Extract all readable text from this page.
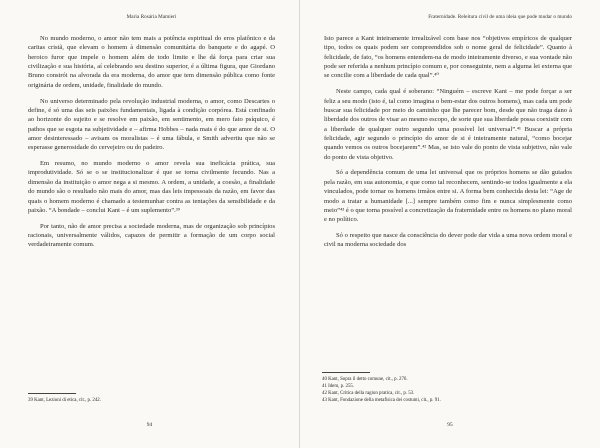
Maria Rosária Mamieri

No mundo moderno, o amor não tem mais a potência espiritual do eros platônico e da caritas cristã, que elevam o homem à dimensão comunitária do banquete e do agapé. O heroico furor que impele o homem além de todo limite e lhe dá força para criar sua civilização e sua história, aí celebrando seu destino superior, é a última figura, que Giordano Bruno constrói na alvorada da era moderna, do amor que tem dimensão pública como fonte originária de ordem, unidade, finalidade do mundo.

No universo determinado pela revolução industrial moderna, o amor, como Descartes o define, é só uma das seis paixões fundamentais, ligada à condição corpórea. Está confinado ao horizonte do sujeito e se resolve em paixão, em sentimento, em mero fato psíquico, é pathos que se esgota na subjetividade e – afirma Hobbes – nada mais é do que amor de si. O amor desinteressado – avisam os moralistas – é uma fábula, e Smith advertiu que não se esperasse generosidade do cervejeiro ou do padeiro.

Em resumo, no mundo moderno o amor revela sua ineficácia prática, sua improdutividade. Só se o se institucionalizar é que se torna civilmente fecundo. Nas a dimensão da instituição o amor nega a si mesmo. A ordem, a unidade, a coesão, a finalidade do mundo são o resultado não mais do amor, mas das leis impessoais da razão, em favor das quais o homem moderno é chamado a testemunhar contra as tentações da sensibilidade e da paixão. “A bondade – conclui Kant – é um suplemento”.³⁹

Por tanto, não de amor precisa a sociedade moderna, mas de organização sob princípios racionais, universalmente válidos, capazes de permitir a formação de um corpo social verdadeiramente comum.

39 Kant, Lezioni di etica, cit., p. 242.

94
Fraternidade. Releitura civil de uma ideia que pode mudar o mundo

Isto parece a Kant inteiramente irrealizável com base nos “objetivos empíricos de qualquer tipo, todos os quais podem ser compreendidos sob o nome geral de felicidade”. Quanto à felicidade, de fato, “os homens entendem-na de modo inteiramente diverso, e sua vontade não pode ser referida a nenhum princípio comum e, por conseguinte, nem a alguma lei externa que se concilie com a liberdade de cada qual”.⁴⁰

Neste campo, cada qual é soberano: “Ninguém – escreve Kant – me pode forçar a ser feliz a seu modo (isto é, tal como imagina o bem-estar dos outros homens), mas cada um pode buscar sua felicidade por meio do caminho que lhe parecer bom, desde que não traga dano à liberdade dos outros de visar ao mesmo escopo, de sorte que sua liberdade possa coexistir com a liberdade de qualquer outro segundo uma possível lei universal”.⁴¹ Buscar a própria felicidade, agir segundo o princípio do amor de si é inteiramente natural, “como bocejar quando vemos os outros bocejarem”.⁴² Mas, se isto vale do ponto de vista subjetivo, não vale do ponto de vista objetivo.

Só a dependência comum de uma lei universal que os próprios homens se dão guiados pela razão, em sua autonomia, e que como tal reconhecem, sentindo-se todos igualmente a ela vinculados, pode tornar os homens irmãos entre si. A forma bem conhecida desta lei: “Age de modo a tratar a humanidade [...] sempre também como fim e nunca simplesmente como meio”⁴³ é o que torna possível a concretização da fraternidade entre os homens no plano moral e no político.

Só o respeito que nasce da consciência do dever pode dar vida a uma nova ordem moral e civil na moderna sociedade dos

40 Kant, Sopra il detto comune, cit., p. 276.

41 Idem, p. 255.

42 Kant, Critica della ragion pratica, cit., p. 53.

43 Kant, Fondazione della metafisica dei costumi, cit., p. 91.

95
